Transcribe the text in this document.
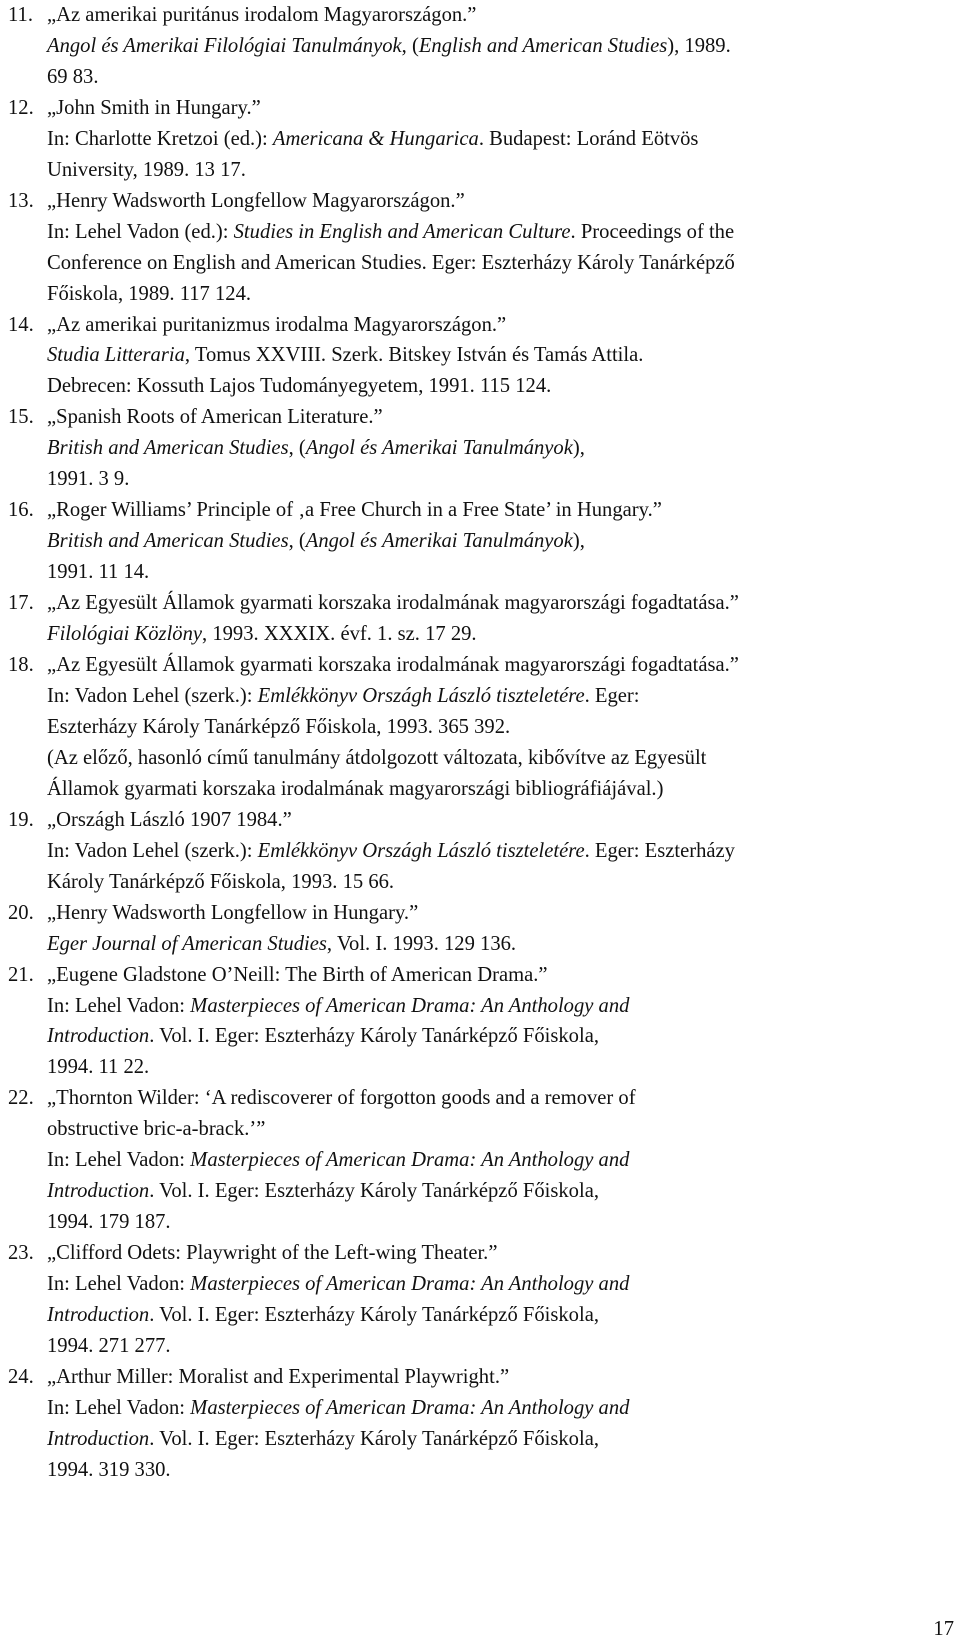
11. „Az amerikai puritánus irodalom Magyarországon.”
Angol és Amerikai Filológiai Tanulmányok, (English and American Studies), 1989.
69 83.
12. „John Smith in Hungary.”
In: Charlotte Kretzoi (ed.): Americana & Hungarica. Budapest: Loránd Eötvös
University, 1989. 13 17.
13. „Henry Wadsworth Longfellow Magyarországon.”
In: Lehel Vadon (ed.): Studies in English and American Culture. Proceedings of the
Conference on English and American Studies. Eger: Eszterházy Károly Tanárképző
Főiskola, 1989. 117 124.
14. „Az amerikai puritanizmus irodalma Magyarországon.”
Studia Litteraria, Tomus XXVIII. Szerk. Bitskey István és Tamás Attila.
Debrecen: Kossuth Lajos Tudományegyetem, 1991. 115 124.
15. „Spanish Roots of American Literature.”
British and American Studies, (Angol és Amerikai Tanulmányok),
1991. 3 9.
16. „Roger Williams’ Principle of ‚a Free Church in a Free State’ in Hungary.”
British and American Studies, (Angol és Amerikai Tanulmányok),
1991. 11 14.
17. „Az Egyesült Államok gyarmati korszaka irodalmának magyarországi fogadtatása.”
Filológiai Közlöny, 1993. XXXIX. évf. 1. sz. 17 29.
18. „Az Egyesült Államok gyarmati korszaka irodalmának magyarországi fogadtatása.”
In: Vadon Lehel (szerk.): Emlékkönyv Országh László tiszteletére. Eger:
Eszterházy Károly Tanárképző Főiskola, 1993. 365 392.
(Az előző, hasonló című tanulmány átdolgozott változata, kibővítve az Egyesült
Államok gyarmati korszaka irodalmának magyarországi bibliográfiájával.)
19. „Országh László 1907 1984.”
In: Vadon Lehel (szerk.): Emlékkönyv Országh László tiszteletére. Eger: Eszterházy
Károly Tanárképző Főiskola, 1993. 15 66.
20. „Henry Wadsworth Longfellow in Hungary.”
Eger Journal of American Studies, Vol. I. 1993. 129 136.
21. „Eugene Gladstone O’Neill: The Birth of American Drama.”
In: Lehel Vadon: Masterpieces of American Drama: An Anthology and
Introduction. Vol. I. Eger: Eszterházy Károly Tanárképző Főiskola,
1994. 11 22.
22. „Thornton Wilder: ‘A rediscoverer of forgotton goods and a remover of
obstructive bric-a-brack.’”
In: Lehel Vadon: Masterpieces of American Drama: An Anthology and
Introduction. Vol. I. Eger: Eszterházy Károly Tanárképző Főiskola,
1994. 179 187.
23. „Clifford Odets: Playwright of the Left-wing Theater.”
In: Lehel Vadon: Masterpieces of American Drama: An Anthology and
Introduction. Vol. I. Eger: Eszterházy Károly Tanárképző Főiskola,
1994. 271 277.
24. „Arthur Miller: Moralist and Experimental Playwright.”
In: Lehel Vadon: Masterpieces of American Drama: An Anthology and
Introduction. Vol. I. Eger: Eszterházy Károly Tanárképző Főiskola,
1994. 319 330.
17
